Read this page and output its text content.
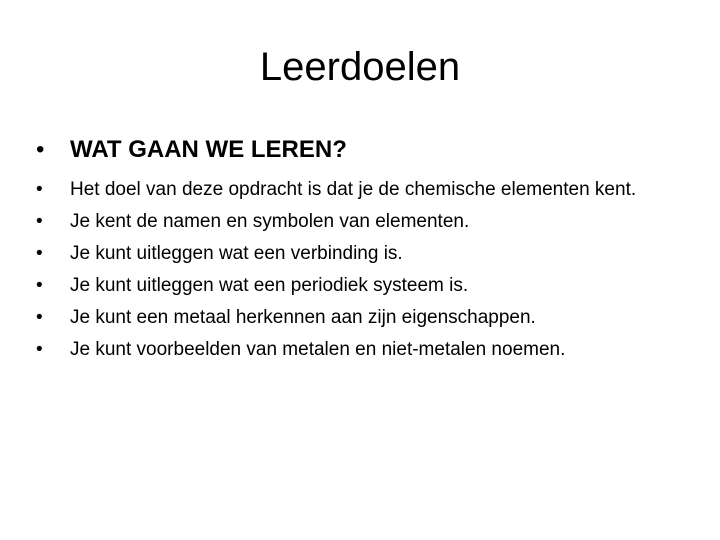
Leerdoelen
•	WAT GAAN WE LEREN?
•	Het doel van deze opdracht is dat je de chemische elementen kent.
•	Je kent de namen en symbolen van elementen.
•	Je kunt uitleggen wat een verbinding is.
•	Je kunt uitleggen wat een periodiek systeem is.
•	Je kunt een metaal herkennen aan zijn eigenschappen.
•	Je kunt voorbeelden van metalen en niet-metalen noemen.
